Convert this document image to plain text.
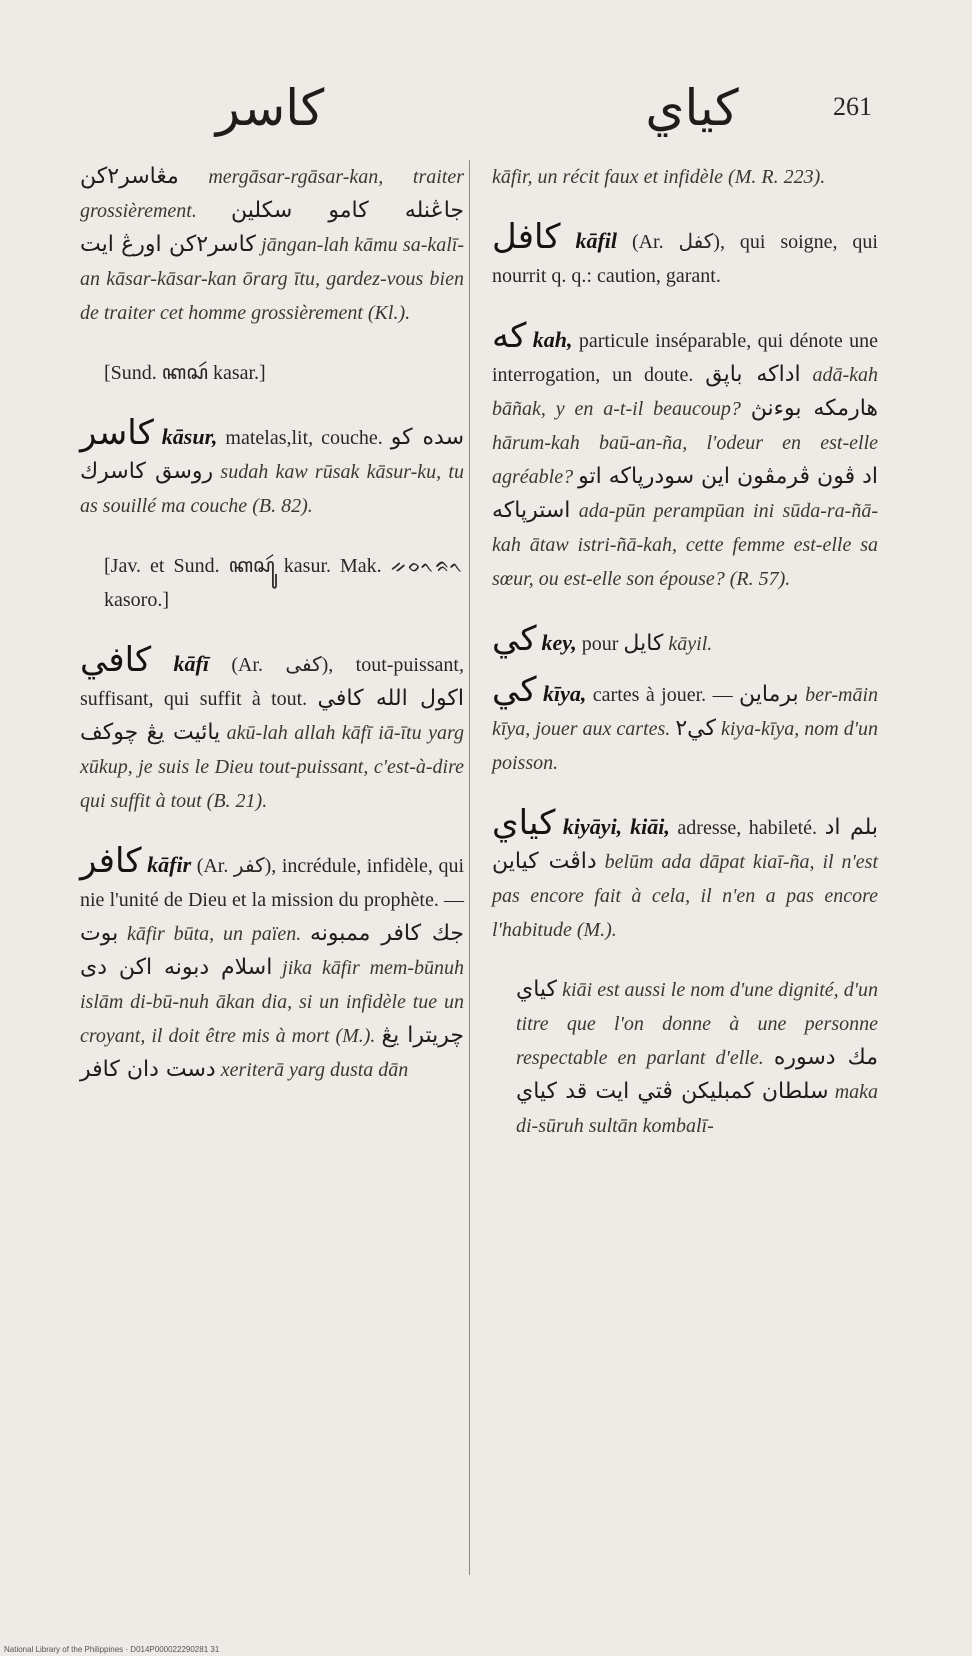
كاسر	كياي	261

مڠاسر٢كن mergāsar-rgāsar-kan, traiter grossièrement. جاڠنله كامو سكلين كاسر٢كن اورڠ ايت jāngan-lah kāmu sa-kalī-an kāsar-kāsar-kan ōrarg ītu, gardez-vous bien de traiter cet homme grossièrement (Kl.).

[Sund. ꦏꦱꦂ kasar.]

كاسر kāsur, matelas,lit, couche. سده كو روسق كاسرك sudah kaw rūsak kāsur-ku, tu as souillé ma couche (B. 82).

[Jav. et Sund. ꦏꦱꦸꦂ kasur. Mak. ᨀᨔᨚᨑᨚ kasoro.]

كافي kāfī (Ar. كفى), tout-puissant, suffisant, qui suffit à tout. اكول الله كافي يائيت يڠ چوكف akū-lah allah kāfī iā-ītu yarg xūkup, je suis le Dieu tout-puissant, c'est-à-dire qui suffit à tout (B. 21).

كافر kāfir (Ar. كفر), incrédule, infidèle, qui nie l'unité de Dieu et la mission du prophète. — بوت kāfir būta, un païen. جك كافر ممبونه اسلام دبونه اكن دى jika kāfir mem-būnuh islām di-bū-nuh ākan dia, si un infidèle tue un croyant, il doit être mis à mort (M.). چريترا يڠ دست دان كافر xeriterā yarg dusta dān

kāfir, un récit faux et infidèle (M. R. 223).

كافل kāfil (Ar. كفل), qui soigne, qui nourrit q. q.: caution, garant.

كه kah, particule inséparable, qui dénote une interrogation, un doute. اداكه باڽق adā-kah bāñak, y en a-t-il beaucoup? هارمكه بوءنڽ hārum-kah baū-an-ña, l'odeur en est-elle agréable? اد ڤون ڤرمڤون اين سودرڽاكه اتو استرڽاكه ada-pūn perampūan ini sūda-ra-ñā-kah ātaw istri-ñā-kah, cette femme est-elle sa sœur, ou est-elle son épouse? (R. 57).

كي key, pour كايل kāyil.

كي kīya, cartes à jouer. — برماين ber-māin kīya, jouer aux cartes. كي٢ kiya-kīya, nom d'un poisson.

كياي kiyāyi, kiāi, adresse, habileté. بلم اد داڤت كياين belūm ada dāpat kiaī-ña, il n'est pas encore fait à cela, il n'en a pas encore l'habitude (M.).

كياي kiāi est aussi le nom d'une dignité, d'un titre que l'on donne à une personne respectable en parlant d'elle. مك دسوره سلطان كمبليكن ڤتي ايت قد كياي maka di-sūruh sultān kombalī-

National Library of the Philippines · D014P000022290281 31
